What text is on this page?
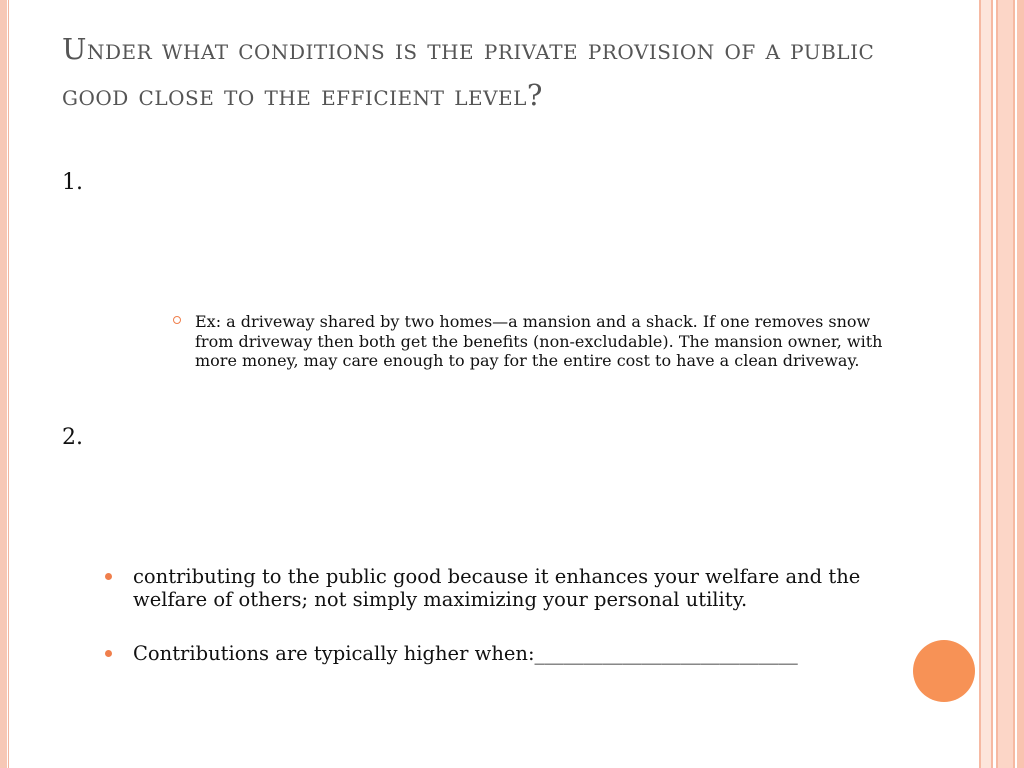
Under what conditions is the private provision of a public good close to the efficient level?
1.
Ex: a driveway shared by two homes—a mansion and a shack. If one removes snow from driveway then both get the benefits (non-excludable). The mansion owner, with more money, may care enough to pay for the entire cost to have a clean driveway.
2.
contributing to the public good because it enhances your welfare and the welfare of others; not simply maximizing your personal utility.
Contributions are typically higher when:___________________________
